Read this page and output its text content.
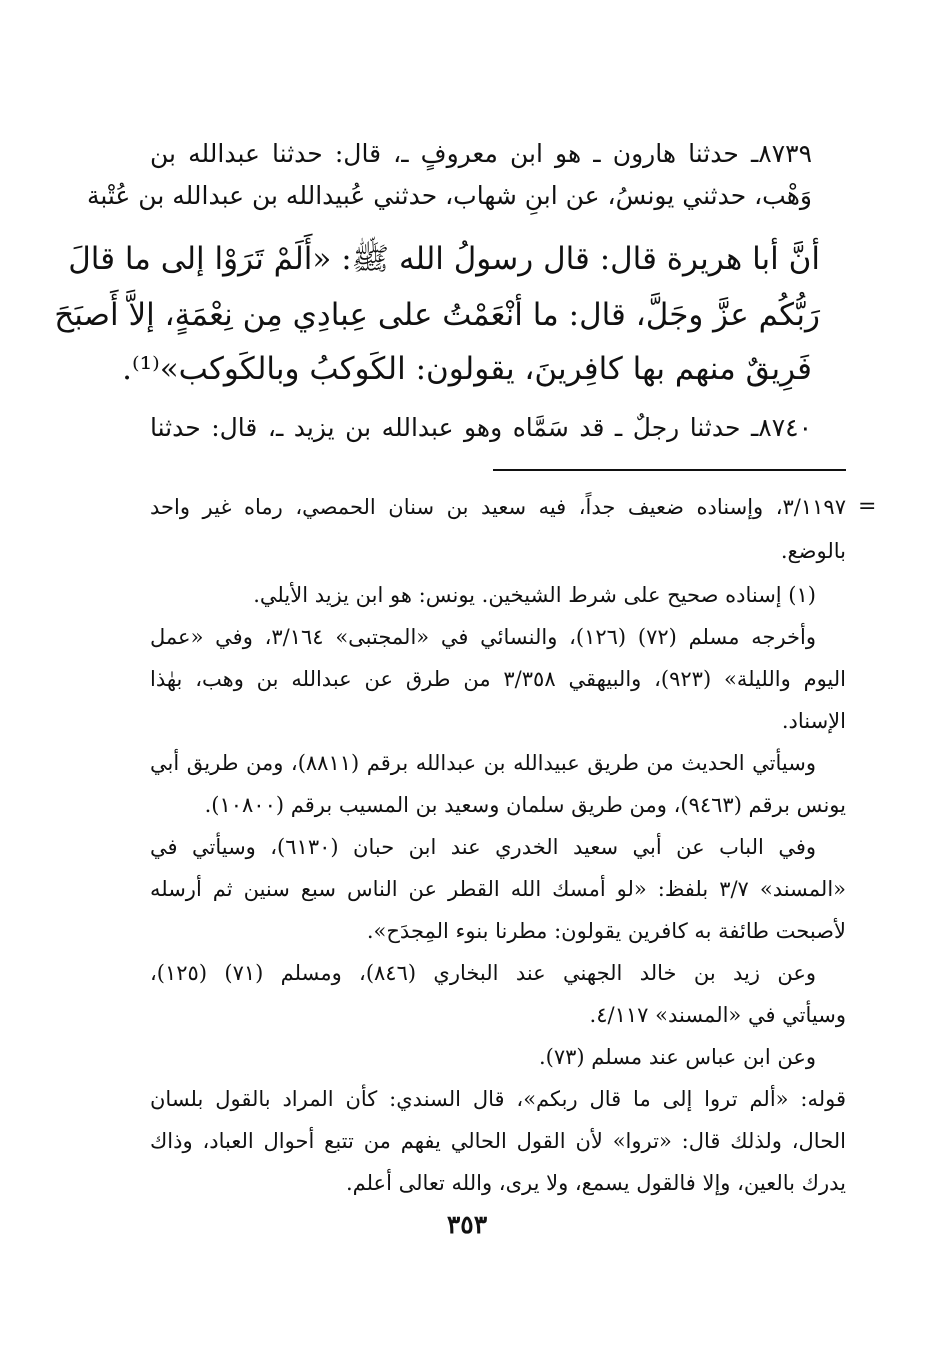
٨٧٣٩ـ حدثنا هارون ـ هو ابن معروفٍ ـ، قال: حدثنا عبدالله بن
وَهْب، حدثني يونسُ، عن ابنِ شهاب، حدثني عُبيدالله بن عبدالله بن عُتْبة
أنَّ أبا هريرة قال: قال رسولُ الله ﷺ: «أَلَمْ تَرَوْا إلى ما قالَ
رَبُّكُم عزَّ وجَلَّ، قال: ما أنْعَمْتُ على عِبادِي مِن نِعْمَةٍ، إلاَّ أَصبَحَ
فَرِيقٌ منهم بها كافِرينَ، يقولون: الكَوكبُ وبالكَوكب»⁽¹⁾.
٨٧٤٠ـ حدثنا رجلٌ ـ قد سَمَّاه وهو عبدالله بن يزيد ـ، قال: حدثنا
=
٣/١١٩٧، وإسناده ضعيف جداً، فيه سعيد بن سنان الحمصي، رماه غير واحد
بالوضع.
(١) إسناده صحيح على شرط الشيخين. يونس: هو ابن يزيد الأيلي.
وأخرجه مسلم (٧٢) (١٢٦)، والنسائي في «المجتبى» ٣/١٦٤، وفي «عمل
اليوم والليلة» (٩٢٣)، والبيهقي ٣/٣٥٨ من طرق عن عبدالله بن وهب، بهٰذا
الإسناد.
وسيأتي الحديث من طريق عبيدالله بن عبدالله برقم (٨٨١١)، ومن طريق أبي
يونس برقم (٩٤٦٣)، ومن طريق سلمان وسعيد بن المسيب برقم (١٠٨٠٠).
وفي الباب عن أبي سعيد الخدري عند ابن حبان (٦١٣٠)، وسيأتي في
«المسند» ٣/٧ بلفظ: «لو أمسك الله القطر عن الناس سبع سنين ثم أرسله
لأصبحت طائفة به كافرين يقولون: مطرنا بنوء المِجدَح».
وعن زيد بن خالد الجهني عند البخاري (٨٤٦)، ومسلم (٧١) (١٢٥)،
وسيأتي في «المسند» ٤/١١٧.
وعن ابن عباس عند مسلم (٧٣).
قوله: «ألم تروا إلى ما قال ربكم»، قال السندي: كأن المراد بالقول بلسان
الحال، ولذلك قال: «تروا» لأن القول الحالي يفهم من تتبع أحوال العباد، وذاك
يدرك بالعين، وإلا فالقول يسمع، ولا يرى، والله تعالى أعلم.
٣٥٣
